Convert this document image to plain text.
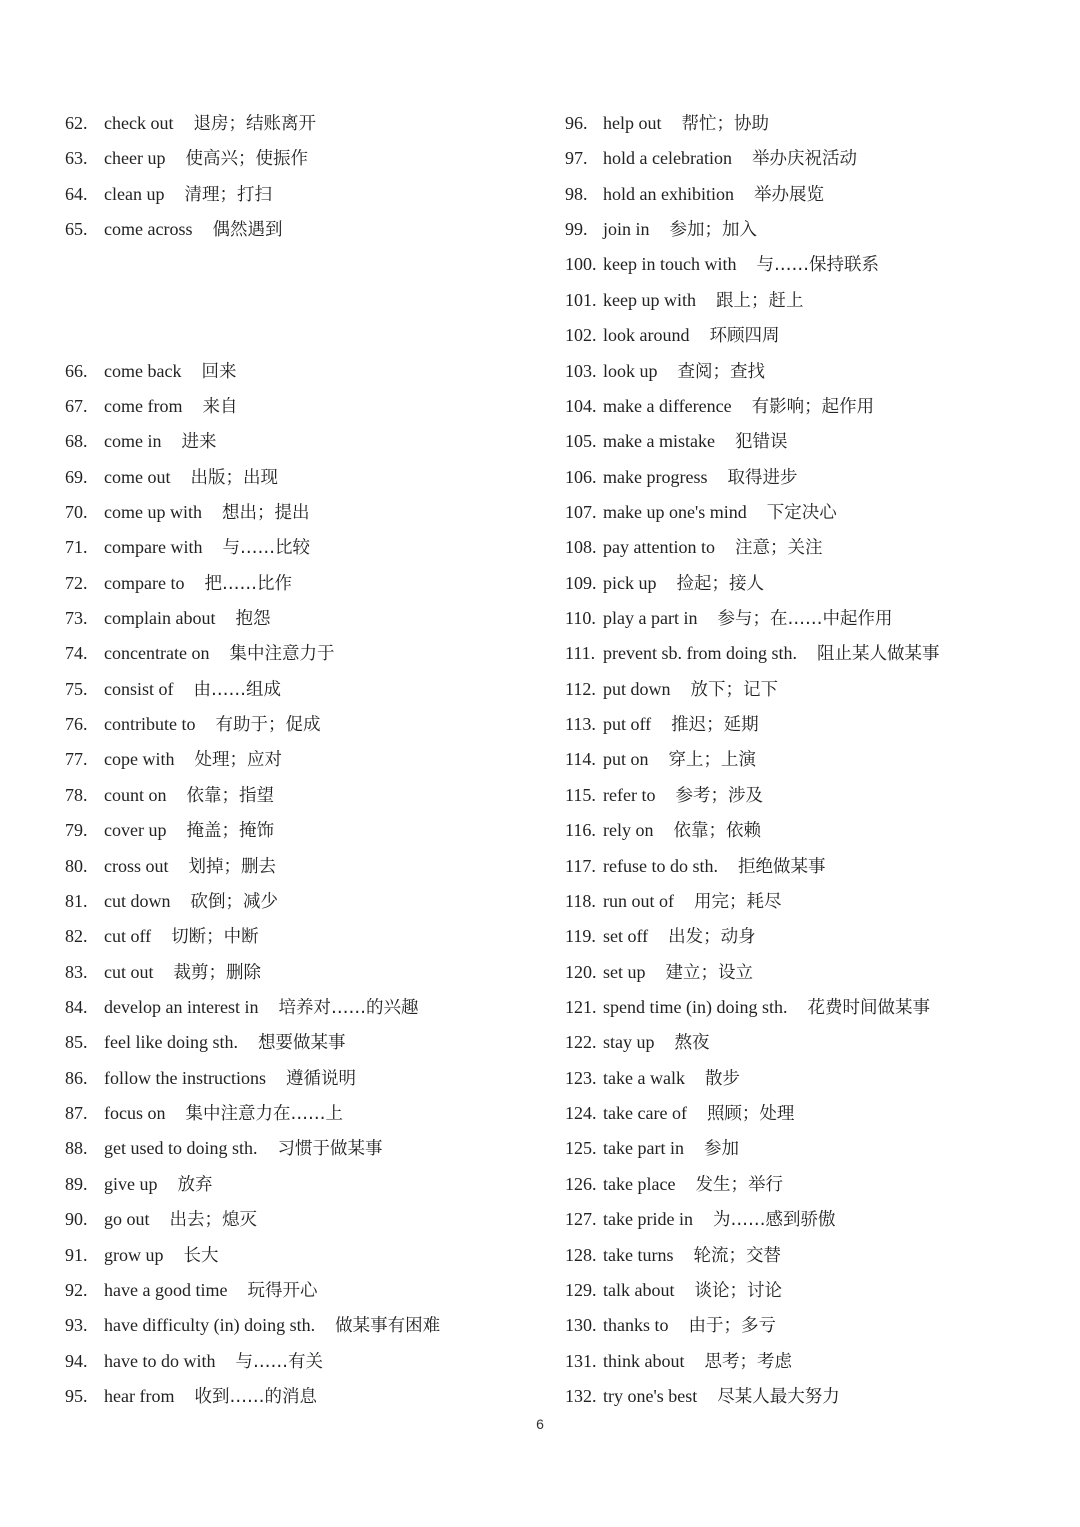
62. check out 退房；结账离开
63. cheer up 使高兴；使振作
64. clean up 清理；打扫
65. come across 偶然遇到
66. come back 回来
67. come from 来自
68. come in 进来
69. come out 出版；出现
70. come up with 想出；提出
71. compare with 与……比较
72. compare to 把……比作
73. complain about 抱怨
74. concentrate on 集中注意力于
75. consist of 由……组成
76. contribute to 有助于；促成
77. cope with 处理；应对
78. count on 依靠；指望
79. cover up 掩盖；掩饰
80. cross out 划掉；删去
81. cut down 砍倒；减少
82. cut off 切断；中断
83. cut out 裁剪；删除
84. develop an interest in 培养对……的兴趣
85. feel like doing sth. 想要做某事
86. follow the instructions 遵循说明
87. focus on 集中注意力在……上
88. get used to doing sth. 习惯于做某事
89. give up 放弃
90. go out 出去；熄灭
91. grow up 长大
92. have a good time 玩得开心
93. have difficulty (in) doing sth. 做某事有困难
94. have to do with 与……有关
95. hear from 收到……的消息
96. help out 帮忙；协助
97. hold a celebration 举办庆祝活动
98. hold an exhibition 举办展览
99. join in 参加；加入
100. keep in touch with 与……保持联系
101. keep up with 跟上；赶上
102. look around 环顾四周
103. look up 查阅；查找
104. make a difference 有影响；起作用
105. make a mistake 犯错误
106. make progress 取得进步
107. make up one's mind 下定决心
108. pay attention to 注意；关注
109. pick up 捡起；接人
110. play a part in 参与；在……中起作用
111. prevent sb. from doing sth. 阻止某人做某事
112. put down 放下；记下
113. put off 推迟；延期
114. put on 穿上；上演
115. refer to 参考；涉及
116. rely on 依靠；依赖
117. refuse to do sth. 拒绝做某事
118. run out of 用完；耗尽
119. set off 出发；动身
120. set up 建立；设立
121. spend time (in) doing sth. 花费时间做某事
122. stay up 熬夜
123. take a walk 散步
124. take care of 照顾；处理
125. take part in 参加
126. take place 发生；举行
127. take pride in 为……感到骄傲
128. take turns 轮流；交替
129. talk about 谈论；讨论
130. thanks to 由于；多亏
131. think about 思考；考虑
132. try one's best 尽某人最大努力
6
